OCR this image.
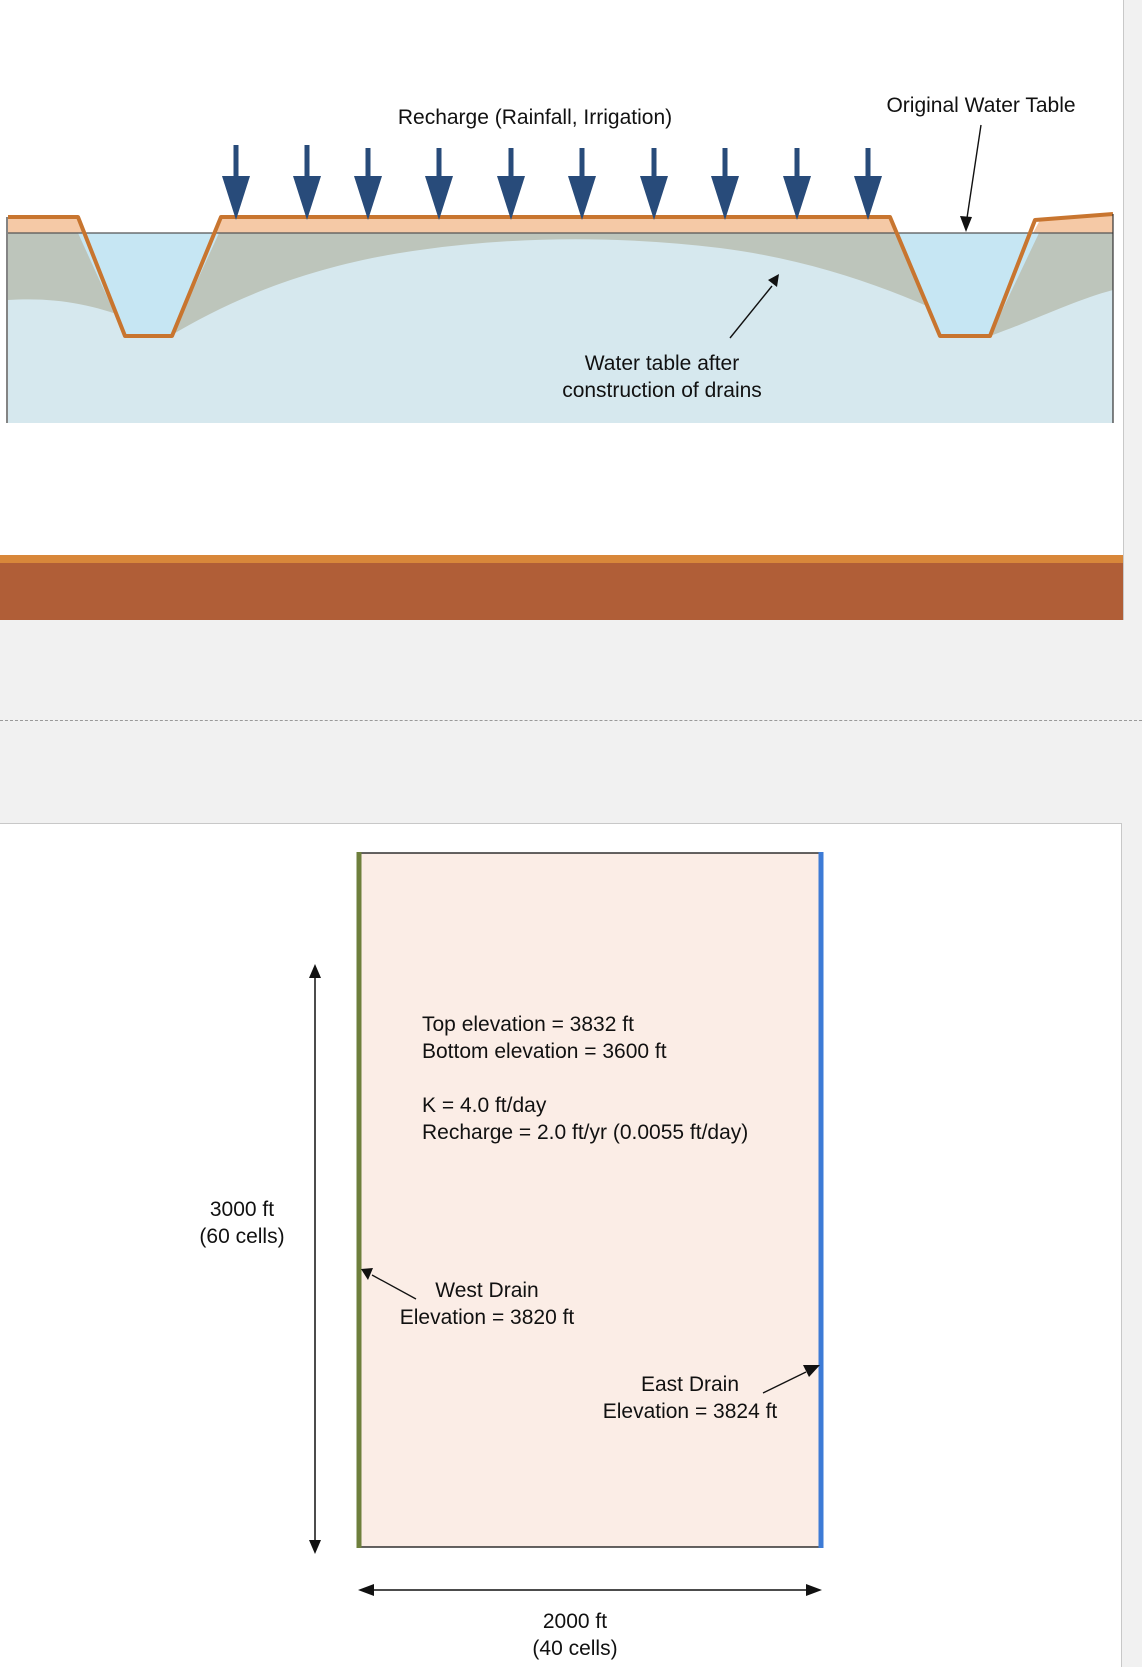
Recharge (Rainfall, Irrigation)
Original Water Table
Water table after
construction of drains
Top elevation = 3832 ft
Bottom elevation = 3600 ft
K = 4.0 ft/day
Recharge = 2.0 ft/yr (0.0055 ft/day)
West Drain
Elevation = 3820 ft
East Drain
Elevation = 3824 ft
3000 ft
(60 cells)
2000 ft
(40 cells)
